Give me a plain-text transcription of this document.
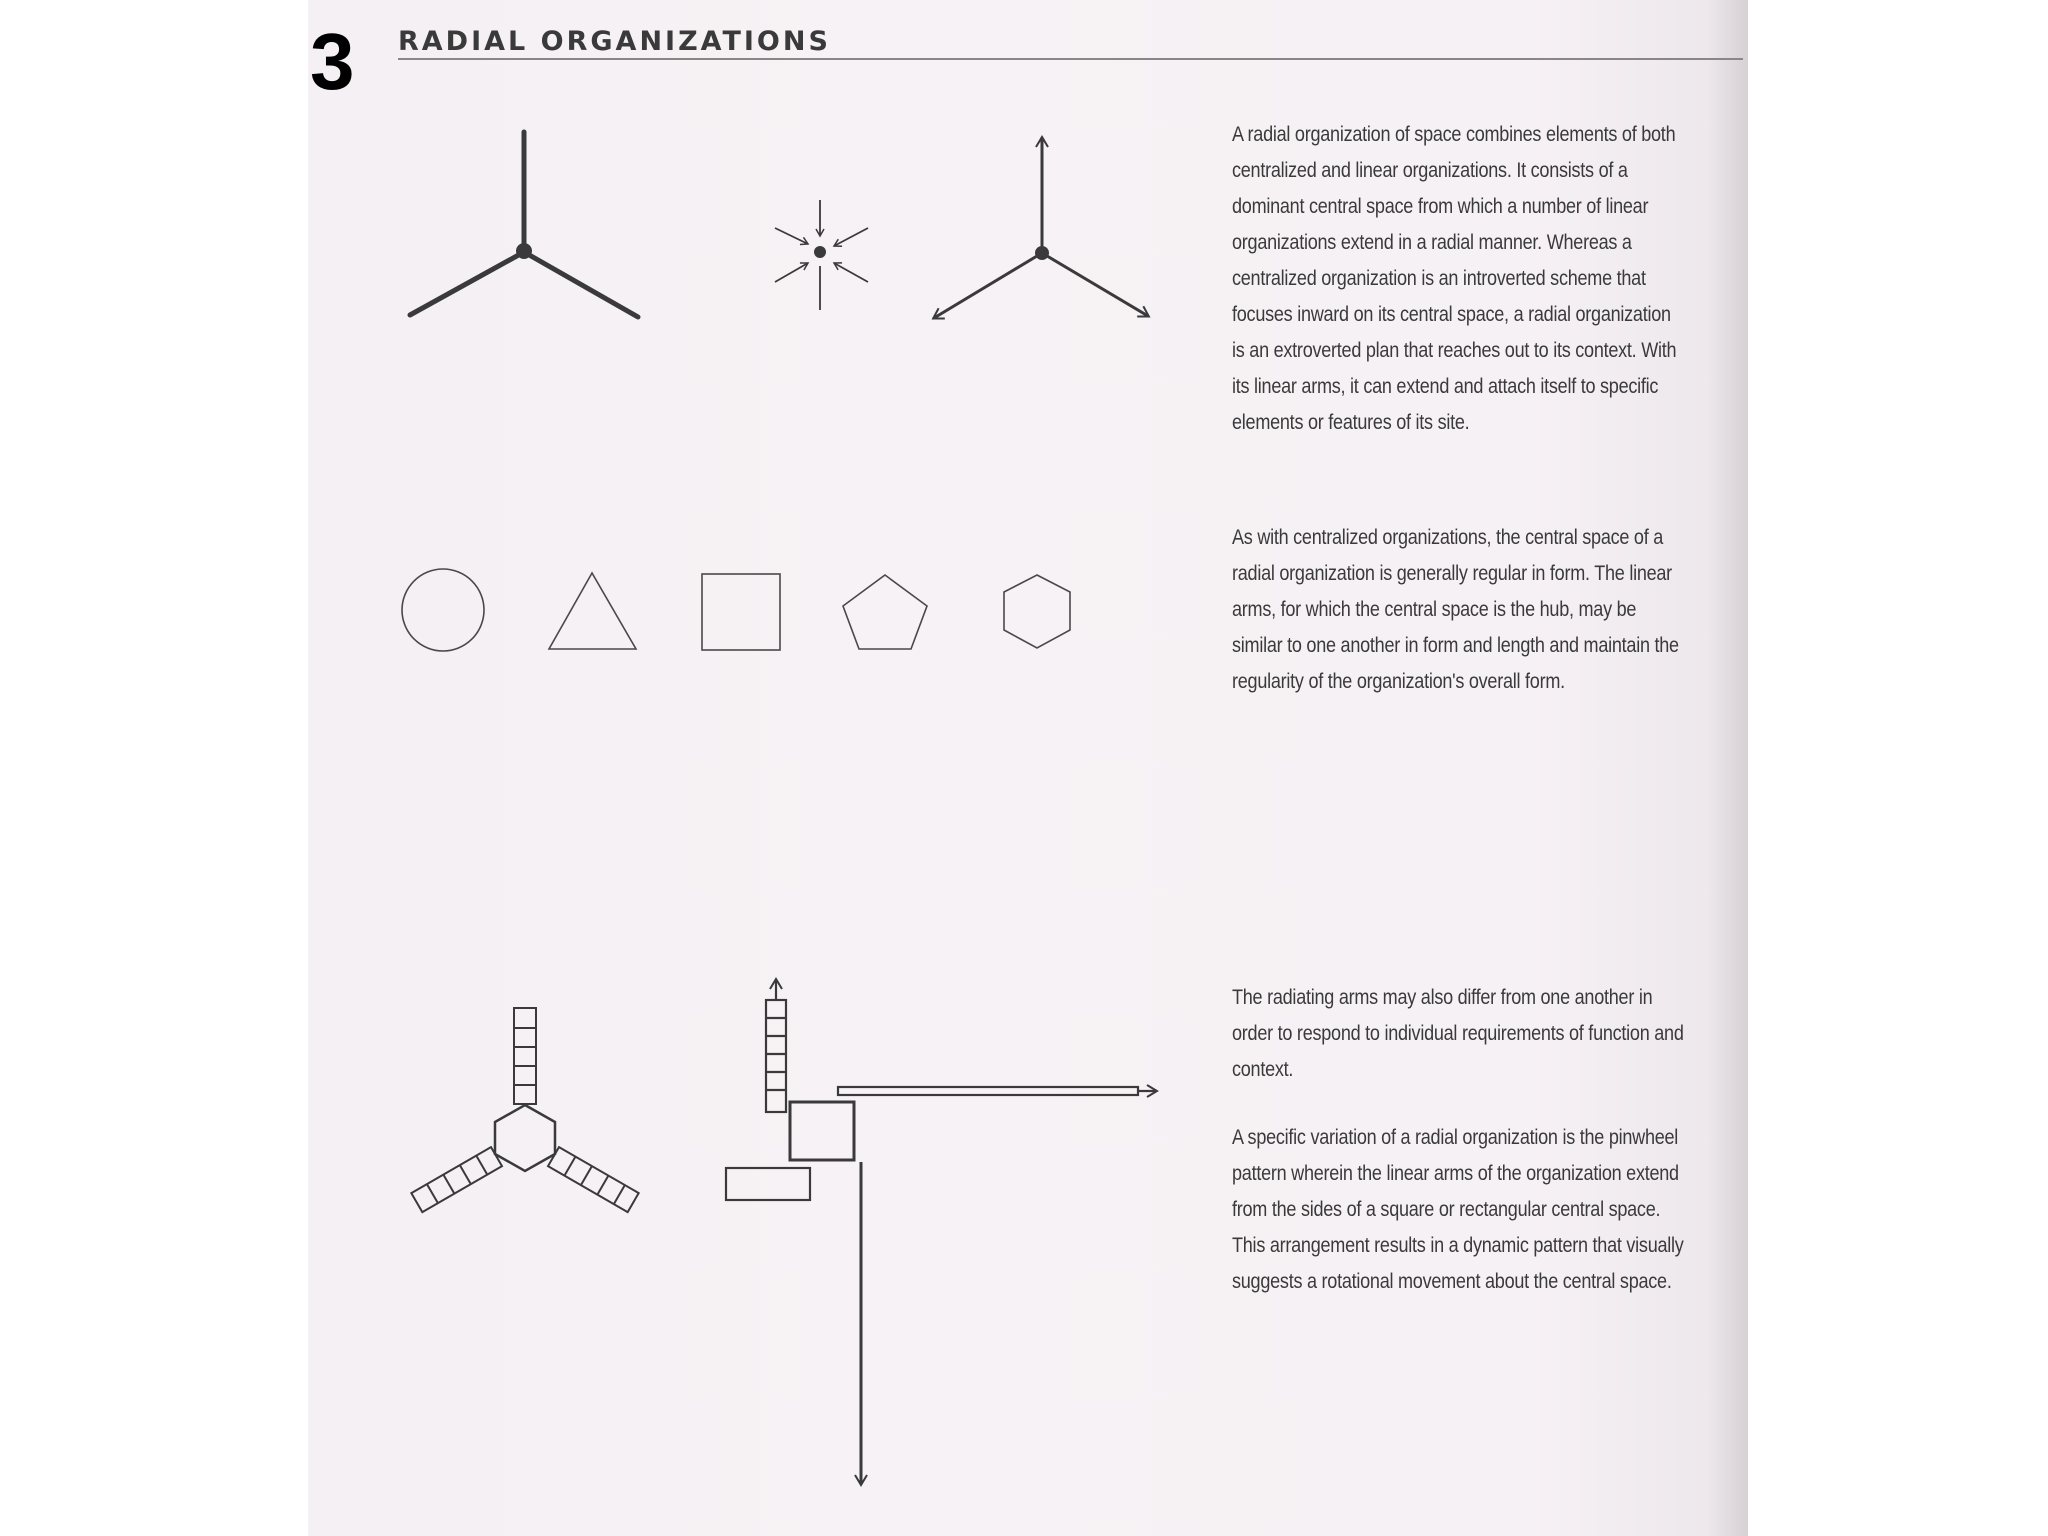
3 RADIAL ORGANIZATIONS

A radial organization of space combines elements of both centralized and linear organizations. It consists of a dominant central space from which a number of linear organizations extend in a radial manner. Whereas a centralized organization is an introverted scheme that focuses inward on its central space, a radial organization is an extroverted plan that reaches out to its context. With its linear arms, it can extend and attach itself to specific elements or features of its site.

As with centralized organizations, the central space of a radial organization is generally regular in form. The linear arms, for which the central space is the hub, may be similar to one another in form and length and maintain the regularity of the organization's overall form.

The radiating arms may also differ from one another in order to respond to individual requirements of function and context.

A specific variation of a radial organization is the pinwheel pattern wherein the linear arms of the organization extend from the sides of a square or rectangular central space. This arrangement results in a dynamic pattern that visually suggests a rotational movement about the central space.
